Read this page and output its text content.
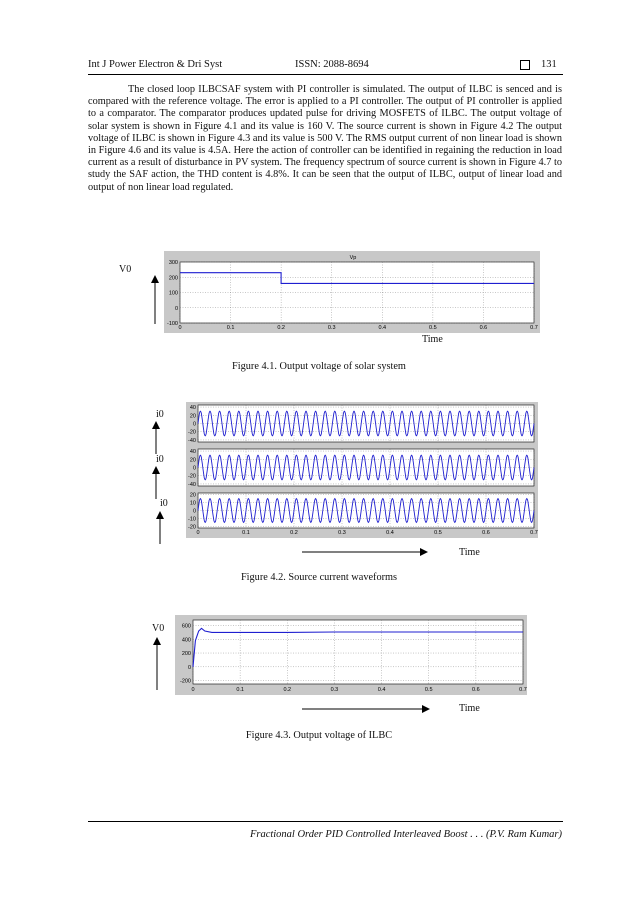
Int J Power Electron & Dri Syst	ISSN: 2088-8694	131
The closed loop ILBCSAF system with PI controller is simulated. The output of ILBC is senced and is compared with the reference voltage. The error is applied to a PI controller. The output of PI controller is applied to a comparator. The comparator produces updated pulse for driving MOSFETS of ILBC. The output voltage of solar system is shown in Figure 4.1 and its value is 160 V. The source current is shown in Figure 4.2 The output voltage of ILBC is shown in Figure 4.3 and its value is 500 V. The RMS output current of non linear load is shown in Figure 4.6 and its value is 4.5A. Here the action of controller can be identified in regaining the reduction in load current as a result of disturbance in PV system. The frequency spectrum of source current is shown in Figure 4.7 to study the SAF action, the THD content is 4.8%. It can be seen that the output of ILBC, output of linear load and output of non linear load regulated.
V0
Vp
300
200
100
0
-100
0	0.1	0.2	0.3	0.4	0.5	0.6	0.7
Time
Figure 4.1. Output voltage of solar system
i0
i0
i0
40
20
0
-20
-40
40
20
0
-20
-40
20
10
0
-10
-20
0	0.1	0.2	0.3	0.4	0.5	0.6	0.7
Time
Figure 4.2. Source current waveforms
V0	600
400
200
0
-200
0	0.1	0.2	0.3	0.4	0.5	0.6	0.7
Time
Figure 4.3. Output voltage of ILBC
Fractional Order PID Controlled Interleaved Boost . . . (P.V. Ram Kumar)
